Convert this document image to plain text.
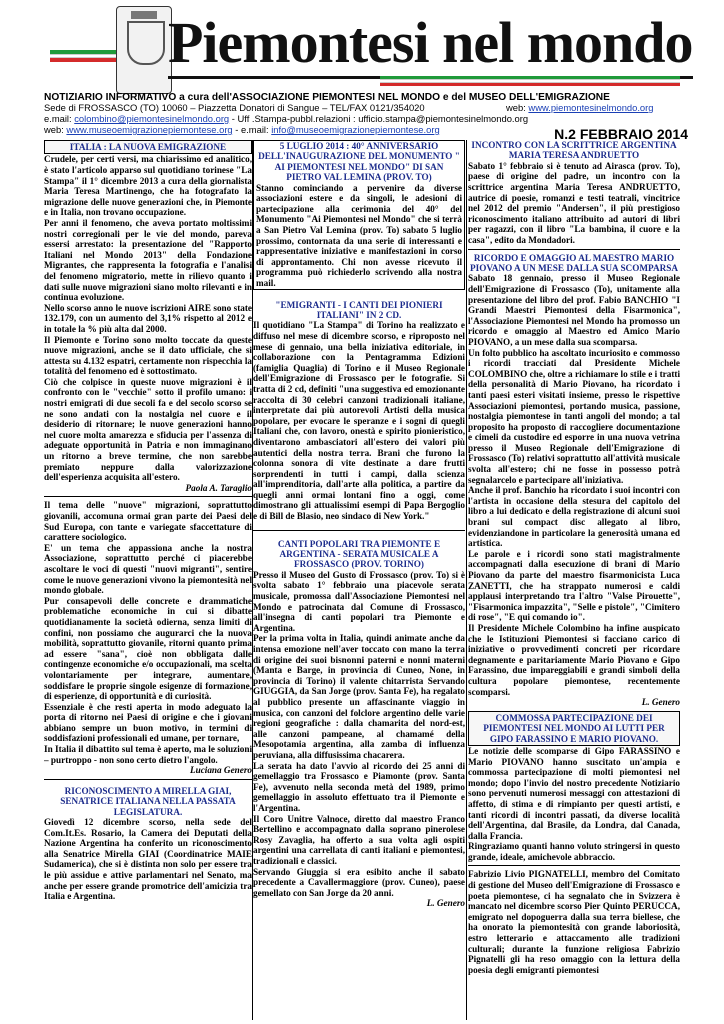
Piemontesi nel mondo
NOTIZIARIO INFORMATIVO a cura dell'ASSOCIAZIONE PIEMONTESI NEL MONDO e del MUSEO DELL'EMIGRAZIONE
Sede di FROSSASCO (TO) 10060 – Piazzetta Donatori di Sangue – TEL/FAX 0121/354020	web: www.piemontesinelmondo.org
e.mail: colombino@piemontesinelmondo.org - Uff .Stampa-pubbl.relazioni : ufficio.stampa@piemontesinelmondo.org
web: www.museoemigrazionepiemontese.org - e.mail: info@museoemigrazionepiemontese.org	N.2 FEBBRAIO 2014
ITALIA : LA NUOVA EMIGRAZIONE

Crudele, per certi versi, ma chiarissimo ed analitico, è stato l'articolo apparso sul quotidiano torinese "La Stampa" il 1° dicembre 2013 a cura della giornalista Maria Teresa Martinengo, che ha fotografato la migrazione delle nuove generazioni che, in Piemonte e in Italia, non trovano occupazione.

Per anni il fenomeno, che aveva portato moltissimi nostri corregionali per le vie del mondo, pareva essersi arrestato: la presentazione del "Rapporto Italiani nel Mondo 2013" della Fondazione Migrantes, che rappresenta la fotografia e l'analisi del fenomeno migratorio, mette in rilievo quanto i dati sulle nuove migrazioni siano molto rilevanti e in continua evoluzione.

Nello scorso anno le nuove iscrizioni AIRE sono state 132.179, con un aumento del 3,1% rispetto al 2012 e in totale la % più alta dal 2000.

Il Piemonte e Torino sono molto toccate da queste nuove migrazioni, anche se il dato ufficiale, che si attesta su 4.132 espatri, certamente non rispecchia la totalità del fenomeno ed è sottostimato.

Ciò che colpisce in queste nuove migrazioni è il confronto con le "vecchie" sotto il profilo umano: i nostri emigrati di due secoli fa e del secolo scorso se ne sono andati con la nostalgia nel cuore e il desiderio di ritornare; le nuove generazioni hanno nel cuore molta amarezza e sfiducia per l'assenza di adeguate opportunità in Patria e non immaginano un ritorno a breve termine, che non sarebbe premiato neppure dalla valorizzazione dell'esperienza acquisita all'estero.

Paola A. Taraglio

Il tema delle "nuove" migrazioni, soprattutto giovanili, accomuna ormai gran parte dei Paesi del Sud Europa, con tante e variegate sfaccettature di carattere sociologico.

E' un tema che appassiona anche la nostra Associazione, soprattutto perché ci piacerebbe ascoltare le voci di questi "nuovi migranti", sentire come le nuove generazioni vivono la piemontesità nel mondo globale.

Pur consapevoli delle concrete e drammatiche problematiche economiche in cui si dibatte quotidianamente la società odierna, senza limiti di confini, non possiamo che augurarci che la nuova mobilità, soprattutto giovanile, ritorni quanto prima ad essere "sana", cioè non obbligata dalle contingenze economiche e/o occupazionali, ma scelta volontariamente per integrare, aumentare, soddisfare le proprie singole esigenze di formazione, di esperienze, di opportunità e di curiosità.

Essenziale è che resti aperta in modo adeguato la porta di ritorno nei Paesi di origine e che i giovani abbiano sempre un buon motivo, in termini di soddisfazioni professionali ed umane, per tornare,

In Italia il dibattito sul tema è aperto, ma le soluzioni – purtroppo - non sono certo dietro l'angolo.

Luciana Genero

RICONOSCIMENTO A MIRELLA GIAI, SENATRICE ITALIANA NELLA PASSATA LEGISLATURA.

Giovedì 12 dicembre scorso, nella sede del Com.It.Es. Rosario, la Camera dei Deputati della Nazione Argentina ha conferito un riconoscimento alla Senatrice Mirella GIAI (Coordinatrice MAIE Sudamerica), che si è distinta non solo per essere tra le più assidue e attive parlamentari nel Senato, ma anche per essere grande promotrice dell'amicizia tra Italia e Argentina.

5 LUGLIO 2014 : 40° ANNIVERSARIO DELL'INAUGURAZIONE DEL MONUMENTO " AI PIEMONTESI NEL MONDO" DI SAN PIETRO VAL LEMINA (PROV. TO)

Stanno cominciando a pervenire da diverse associazioni estere e da singoli, le adesioni di partecipazione alla cerimonia del 40° del Monumento "Ai Piemontesi nel Mondo" che si terrà a San Pietro Val Lemina (prov. To) sabato 5 luglio prossimo, contornata da una serie di interessanti e rappresentative iniziative e manifestazioni in corso di approntamento. Chi non avesse ricevuto il programma può richiederlo scrivendo alla nostra mail.

"EMIGRANTI - I CANTI DEI PIONIERI ITALIANI" IN 2 CD.

Il quotidiano "La Stampa" di Torino ha realizzato e diffuso nel mese di dicembre scorso, e riproposto nel mese di gennaio, una bella iniziativa editoriale, in collaborazione con la Pentagramma Edizioni (famiglia Quaglia) di Torino e il Museo Regionale dell'Emigrazione di Frossasco per le fotografie. Si tratta di 2 cd, definiti "una suggestiva ed emozionante raccolta di 30 celebri canzoni tradizionali italiane, interpretate dai più autorevoli Artisti della musica popolare, per evocare le speranze e i sogni di quegli Italiani che, con lavoro, onestà e spirito pionieristico, diventarono ambasciatori all'estero dei valori più autentici della nostra terra. Brani che furono la colonna sonora di vite destinate a dare frutti sorprendenti in tutti i campi, dalla scienza all'imprenditoria, dall'arte alla politica, a partire da quegli anni ormai lontani fino a oggi, come dimostrano gli attualissimi esempi di Papa Bergoglio e di Bill de Blasio, neo sindaco di New York."

CANTI POPOLARI TRA PIEMONTE E ARGENTINA - SERATA MUSICALE A FROSSASCO (PROV. TORINO)

Presso il Museo del Gusto di Frossasco (prov. To) si è svolta sabato 1° febbraio una piacevole serata musicale, promossa dall'Associazione Piemontesi nel Mondo e patrocinata dal Comune di Frossasco, all'insegna di canti popolari tra Piemonte e Argentina.

Per la prima volta in Italia, quindi animate anche da intensa emozione nell'aver toccato con mano la terra di origine dei suoi bisnonni paterni e nonni materni (Manta e Barge, in provincia di Cuneo, None, in provincia di Torino) il valente chitarrista Servando GIUGGIA, da San Jorge (prov. Santa Fe), ha regalato al pubblico presente un affascinante viaggio in musica, con canzoni del folclore argentino delle varie regioni geografiche : dalla chamarita del nord-est, alle canzoni pampeane, al chamamé della Mesopotamia argentina, alla zamba di influenza peruviana, alla diffusissima chacarera.

La serata ha dato l'avvio al ricordo dei 25 anni di gemellaggio tra Frossasco e Piamonte (prov. Santa Fe), avvenuto nella seconda metà del 1989, primo gemellaggio in assoluto effettuato tra il Piemonte e l'Argentina.

Il Coro Unitre Valnoce, diretto dal maestro Franco Bertellino e accompagnato dalla soprano pinerolese Rosy Zavaglia, ha offerto a sua volta agli ospiti argentini una carrellata di canti italiani e piemontesi, tradizionali e classici.

Servando Giuggia si era esibito anche il sabato precedente a Cavallermaggiore (prov. Cuneo), paese gemellato con San Jorge da 20 anni.

L. Genero

INCONTRO CON LA SCRITTRICE ARGENTINA MARIA TERESA ANDRUETTO

Sabato 1° febbraio si è tenuto ad Airasca (prov. To), paese di origine del padre, un incontro con la scrittrice argentina Maria Teresa ANDRUETTO, autrice di poesie, romanzi e testi teatrali, vincitrice nel 2012 del premio "Andersen", il più prestigioso riconoscimento italiano attribuito ad autori di libri per ragazzi, con il libro "La bambina, il cuore e la casa", edito da Mondadori.

RICORDO E OMAGGIO AL MAESTRO MARIO PIOVANO A UN MESE DALLA SUA SCOMPARSA

Sabato 18 gennaio, presso il Museo Regionale dell'Emigrazione di Frossasco (To), unitamente alla presentazione del libro del prof. Fabio BANCHIO "I Grandi Maestri Piemontesi della Fisarmonica", l'Associazione Piemontesi nel Mondo ha promosso un ricordo e omaggio al Maestro ed Amico Mario PIOVANO, a un mese dalla sua scomparsa.

Un folto pubblico ha ascoltato incuriosito e commosso i ricordi tracciati dal Presidente Michele COLOMBINO che, oltre a richiamare lo stile e i tratti della personalità di Mario Piovano, ha ricordato i tanti paesi esteri visitati insieme, presso le rispettive Associazioni piemontesi, portando musica, passione, nostalgia piemontese in tanti angoli del mondo; a tal proposito ha proposto di raccogliere documentazione e cimeli da custodire ed esporre in una nuova vetrina presso il Museo Regionale dell'Emigrazione di Frossasco (To) relativi soprattutto all'attività musicale svolta all'estero; chi ne fosse in possesso potrà segnalarcelo e partecipare all'iniziativa.

Anche il prof. Banchio ha ricordato i suoi incontri con l'artista in occasione della stesura del capitolo del libro a lui dedicato e della registrazione di alcuni suoi brani sul compact disc allegato al libro, evidenziandone in particolare la generosità umana ed artistica.

Le parole e i ricordi sono stati magistralmente accompagnati dalla esecuzione di brani di Mario Piovano da parte del maestro fisarmonicista Luca ZANETTI, che ha strappato numerosi e caldi applausi interpretando tra l'altro "Valse Pirouette", "Fisarmonica impazzita", "Selle e pistole", "Cimitero di rose", "E qui comando io".

Il Presidente Michele Colombino ha infine auspicato che le Istituzioni Piemontesi si facciano carico di iniziative o provvedimenti concreti per ricordare degnamente e paritariamente Mario Piovano e Gipo Farassino, due impareggiabili e grandi simboli della cultura popolare piemontese, recentemente scomparsi.

L. Genero

COMMOSSA PARTECIPAZIONE DEI PIEMONTESI NEL MONDO AI LUTTI PER GIPO FARASSINO E MARIO PIOVANO.

Le notizie delle scomparse di Gipo FARASSINO e Mario PIOVANO hanno suscitato un'ampia e commossa partecipazione di molti piemontesi nel mondo; dopo l'invio del nostro precedente Notiziario sono pervenuti numerosi messaggi con attestazioni di affetto, di stima e di rimpianto per questi artisti, e tanti ricordi di incontri passati, da diverse località dell'Argentina, dal Brasile, da Londra, dal Canada, dalla Francia.

Ringraziamo quanti hanno voluto stringersi in questo grande, ideale, amichevole abbraccio.

Fabrizio Livio PIGNATELLI, membro del Comitato di gestione del Museo dell'Emigrazione di Frossasco e poeta piemontese, ci ha segnalato che in Svizzera è mancato nel dicembre scorso Pier Quinto PERUCCA, emigrato nel dopoguerra dalla sua terra biellese, che ha onorato la piemontesità con grande laboriosità, estro letterario e attaccamento alle tradizioni culturali; durante la funzione religiosa Fabrizio Pignatelli gli ha reso omaggio con la lettura della poesia degli emigranti piemontesi
